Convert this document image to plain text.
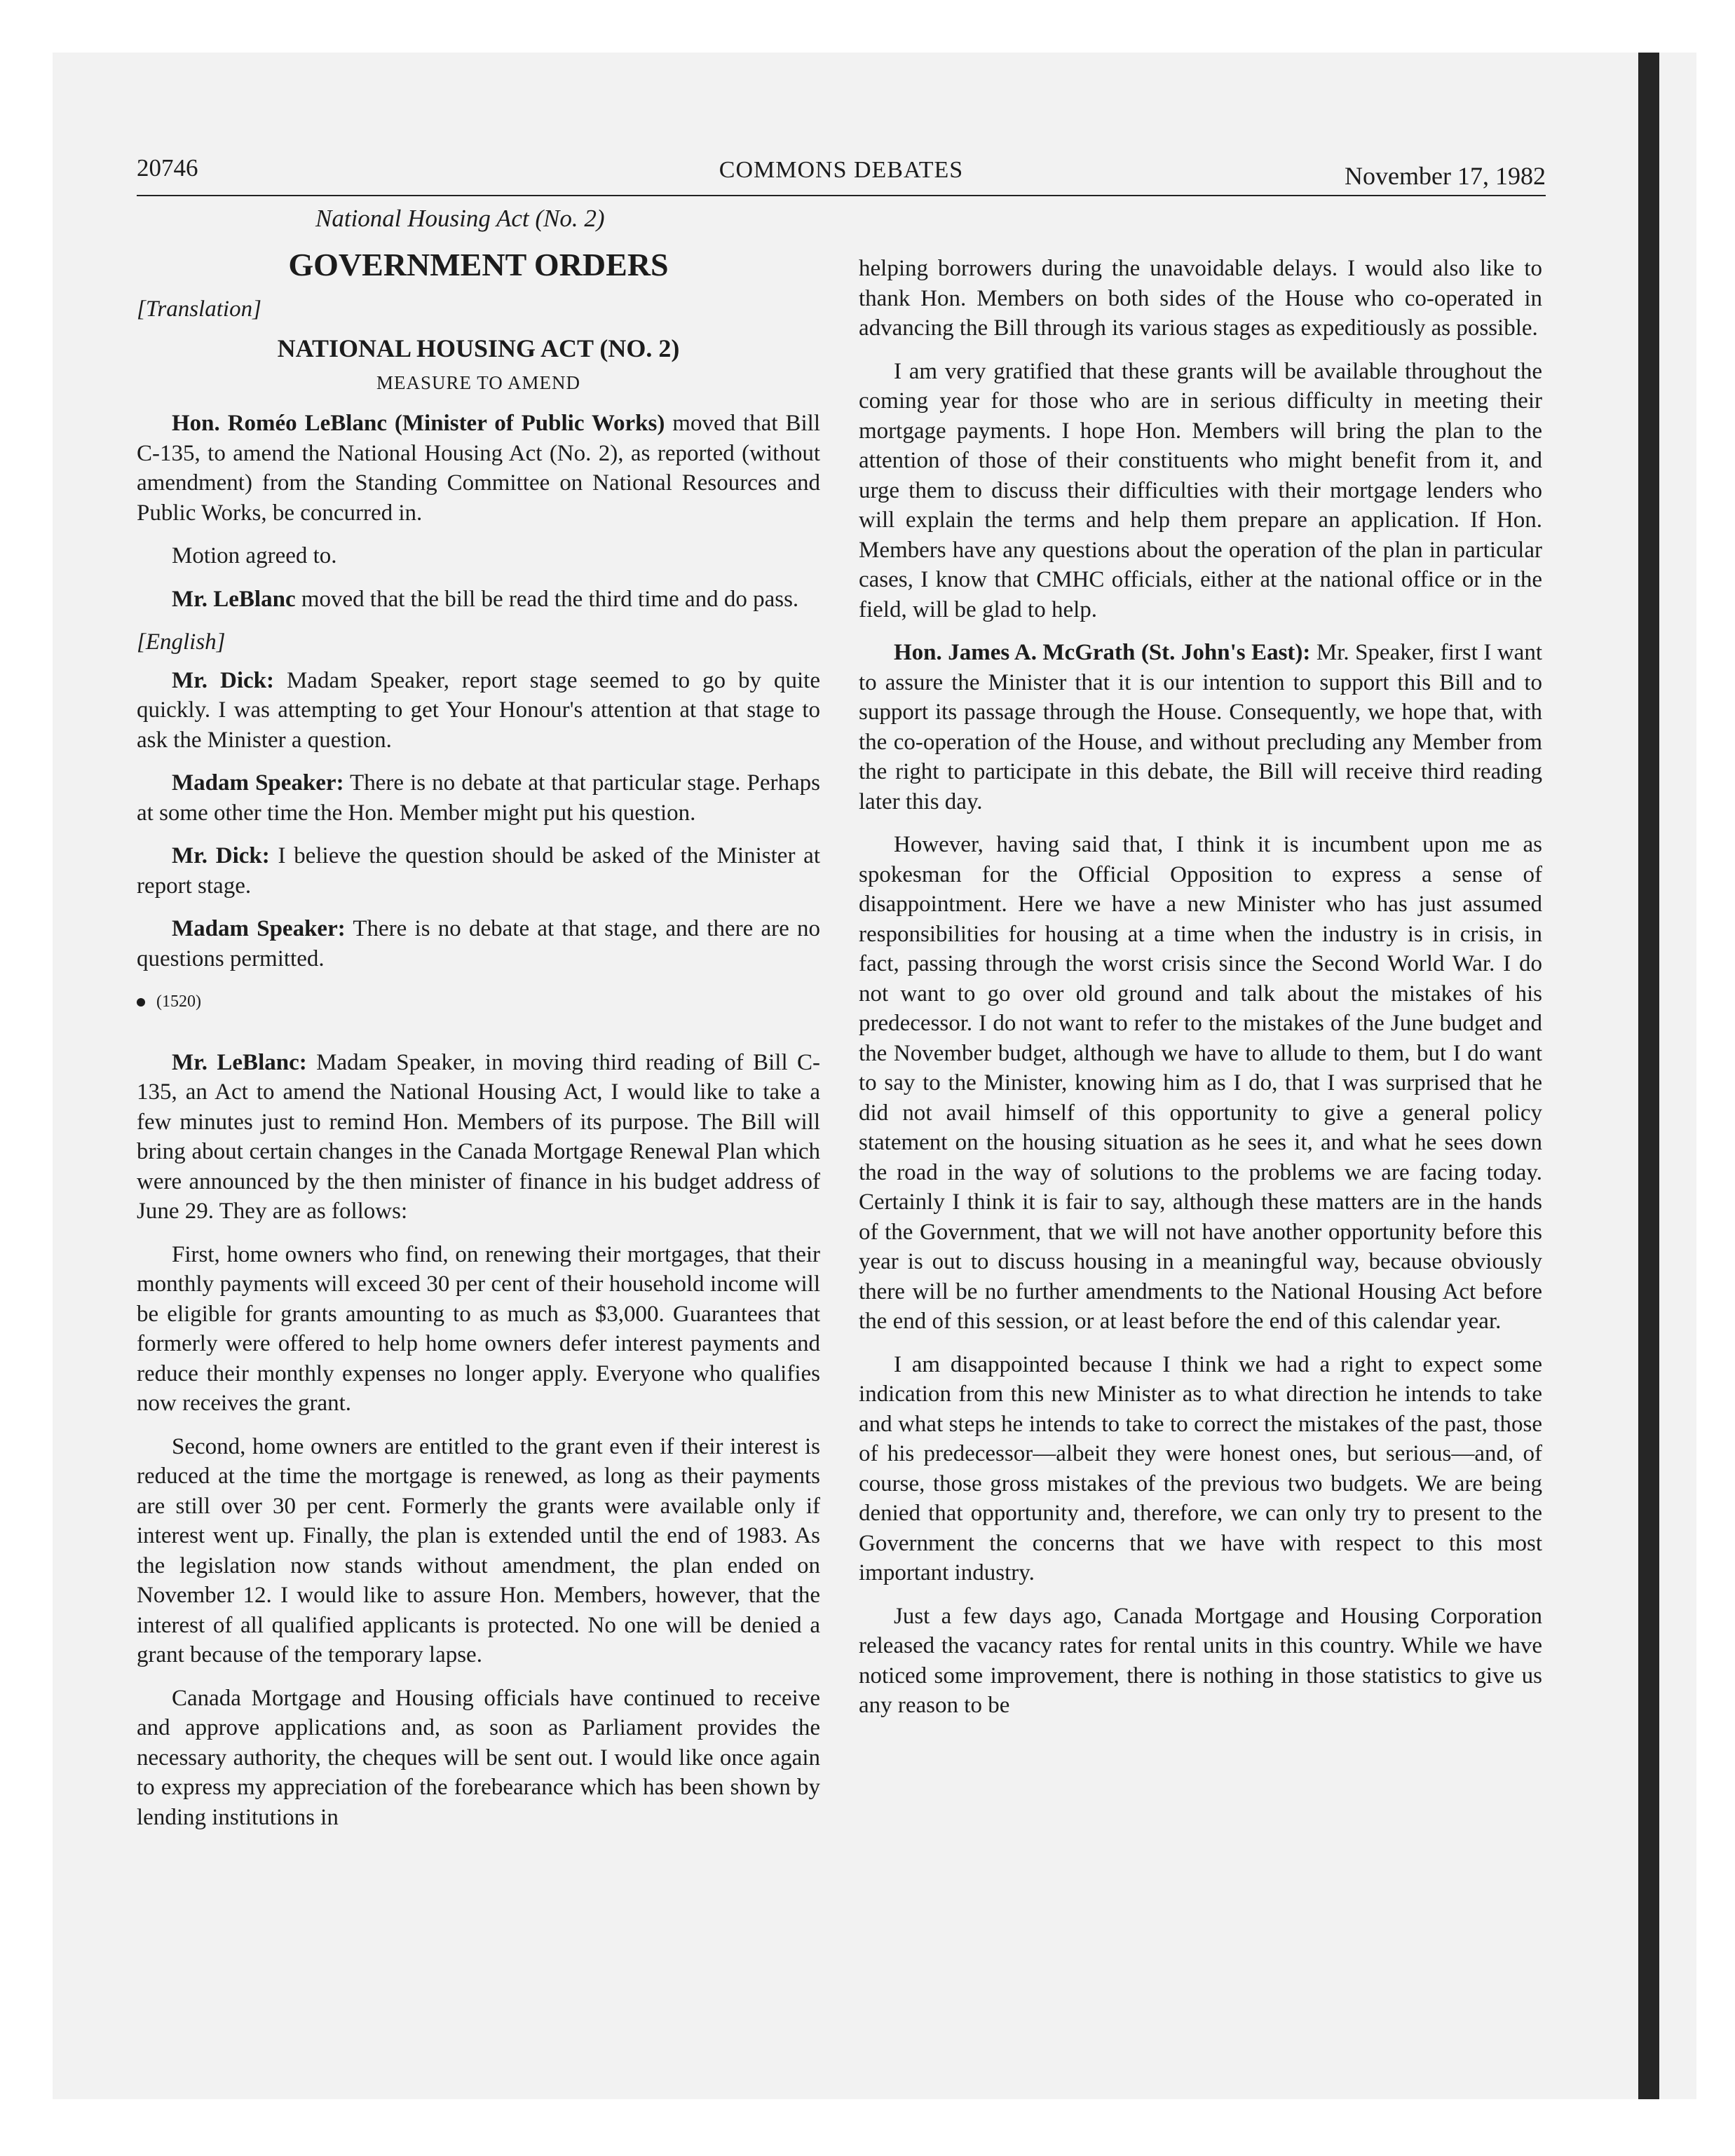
20746	COMMONS DEBATES	November 17, 1982
National Housing Act (No. 2)
GOVERNMENT ORDERS
[Translation]
NATIONAL HOUSING ACT (NO. 2)
MEASURE TO AMEND

Hon. Roméo LeBlanc (Minister of Public Works) moved that Bill C-135, to amend the National Housing Act (No. 2), as reported (without amendment) from the Standing Committee on National Resources and Public Works, be concurred in.

Motion agreed to.

Mr. LeBlanc moved that the bill be read the third time and do pass.

[English]

Mr. Dick: Madam Speaker, report stage seemed to go by quite quickly. I was attempting to get Your Honour's attention at that stage to ask the Minister a question.

Madam Speaker: There is no debate at that particular stage. Perhaps at some other time the Hon. Member might put his question.

Mr. Dick: I believe the question should be asked of the Minister at report stage.

Madam Speaker: There is no debate at that stage, and there are no questions permitted.

(1520)

Mr. LeBlanc: Madam Speaker, in moving third reading of Bill C-135, an Act to amend the National Housing Act, I would like to take a few minutes just to remind Hon. Members of its purpose. The Bill will bring about certain changes in the Canada Mortgage Renewal Plan which were announced by the then minister of finance in his budget address of June 29. They are as follows:

First, home owners who find, on renewing their mortgages, that their monthly payments will exceed 30 per cent of their household income will be eligible for grants amounting to as much as $3,000. Guarantees that formerly were offered to help home owners defer interest payments and reduce their monthly expenses no longer apply. Everyone who qualifies now receives the grant.

Second, home owners are entitled to the grant even if their interest is reduced at the time the mortgage is renewed, as long as their payments are still over 30 per cent. Formerly the grants were available only if interest went up. Finally, the plan is extended until the end of 1983. As the legislation now stands without amendment, the plan ended on November 12. I would like to assure Hon. Members, however, that the interest of all qualified applicants is protected. No one will be denied a grant because of the temporary lapse.

Canada Mortgage and Housing officials have continued to receive and approve applications and, as soon as Parliament provides the necessary authority, the cheques will be sent out. I would like once again to express my appreciation of the forebearance which has been shown by lending institutions in

helping borrowers during the unavoidable delays. I would also like to thank Hon. Members on both sides of the House who co-operated in advancing the Bill through its various stages as expeditiously as possible.

I am very gratified that these grants will be available throughout the coming year for those who are in serious difficulty in meeting their mortgage payments. I hope Hon. Members will bring the plan to the attention of those of their constituents who might benefit from it, and urge them to discuss their difficulties with their mortgage lenders who will explain the terms and help them prepare an application. If Hon. Members have any questions about the operation of the plan in particular cases, I know that CMHC officials, either at the national office or in the field, will be glad to help.

Hon. James A. McGrath (St. John's East): Mr. Speaker, first I want to assure the Minister that it is our intention to support this Bill and to support its passage through the House. Consequently, we hope that, with the co-operation of the House, and without precluding any Member from the right to participate in this debate, the Bill will receive third reading later this day.

However, having said that, I think it is incumbent upon me as spokesman for the Official Opposition to express a sense of disappointment. Here we have a new Minister who has just assumed responsibilities for housing at a time when the industry is in crisis, in fact, passing through the worst crisis since the Second World War. I do not want to go over old ground and talk about the mistakes of his predecessor. I do not want to refer to the mistakes of the June budget and the November budget, although we have to allude to them, but I do want to say to the Minister, knowing him as I do, that I was surprised that he did not avail himself of this opportunity to give a general policy statement on the housing situation as he sees it, and what he sees down the road in the way of solutions to the problems we are facing today. Certainly I think it is fair to say, although these matters are in the hands of the Government, that we will not have another opportunity before this year is out to discuss housing in a meaningful way, because obviously there will be no further amendments to the National Housing Act before the end of this session, or at least before the end of this calendar year.

I am disappointed because I think we had a right to expect some indication from this new Minister as to what direction he intends to take and what steps he intends to take to correct the mistakes of the past, those of his predecessor—albeit they were honest ones, but serious—and, of course, those gross mistakes of the previous two budgets. We are being denied that opportunity and, therefore, we can only try to present to the Government the concerns that we have with respect to this most important industry.

Just a few days ago, Canada Mortgage and Housing Corporation released the vacancy rates for rental units in this country. While we have noticed some improvement, there is nothing in those statistics to give us any reason to be
